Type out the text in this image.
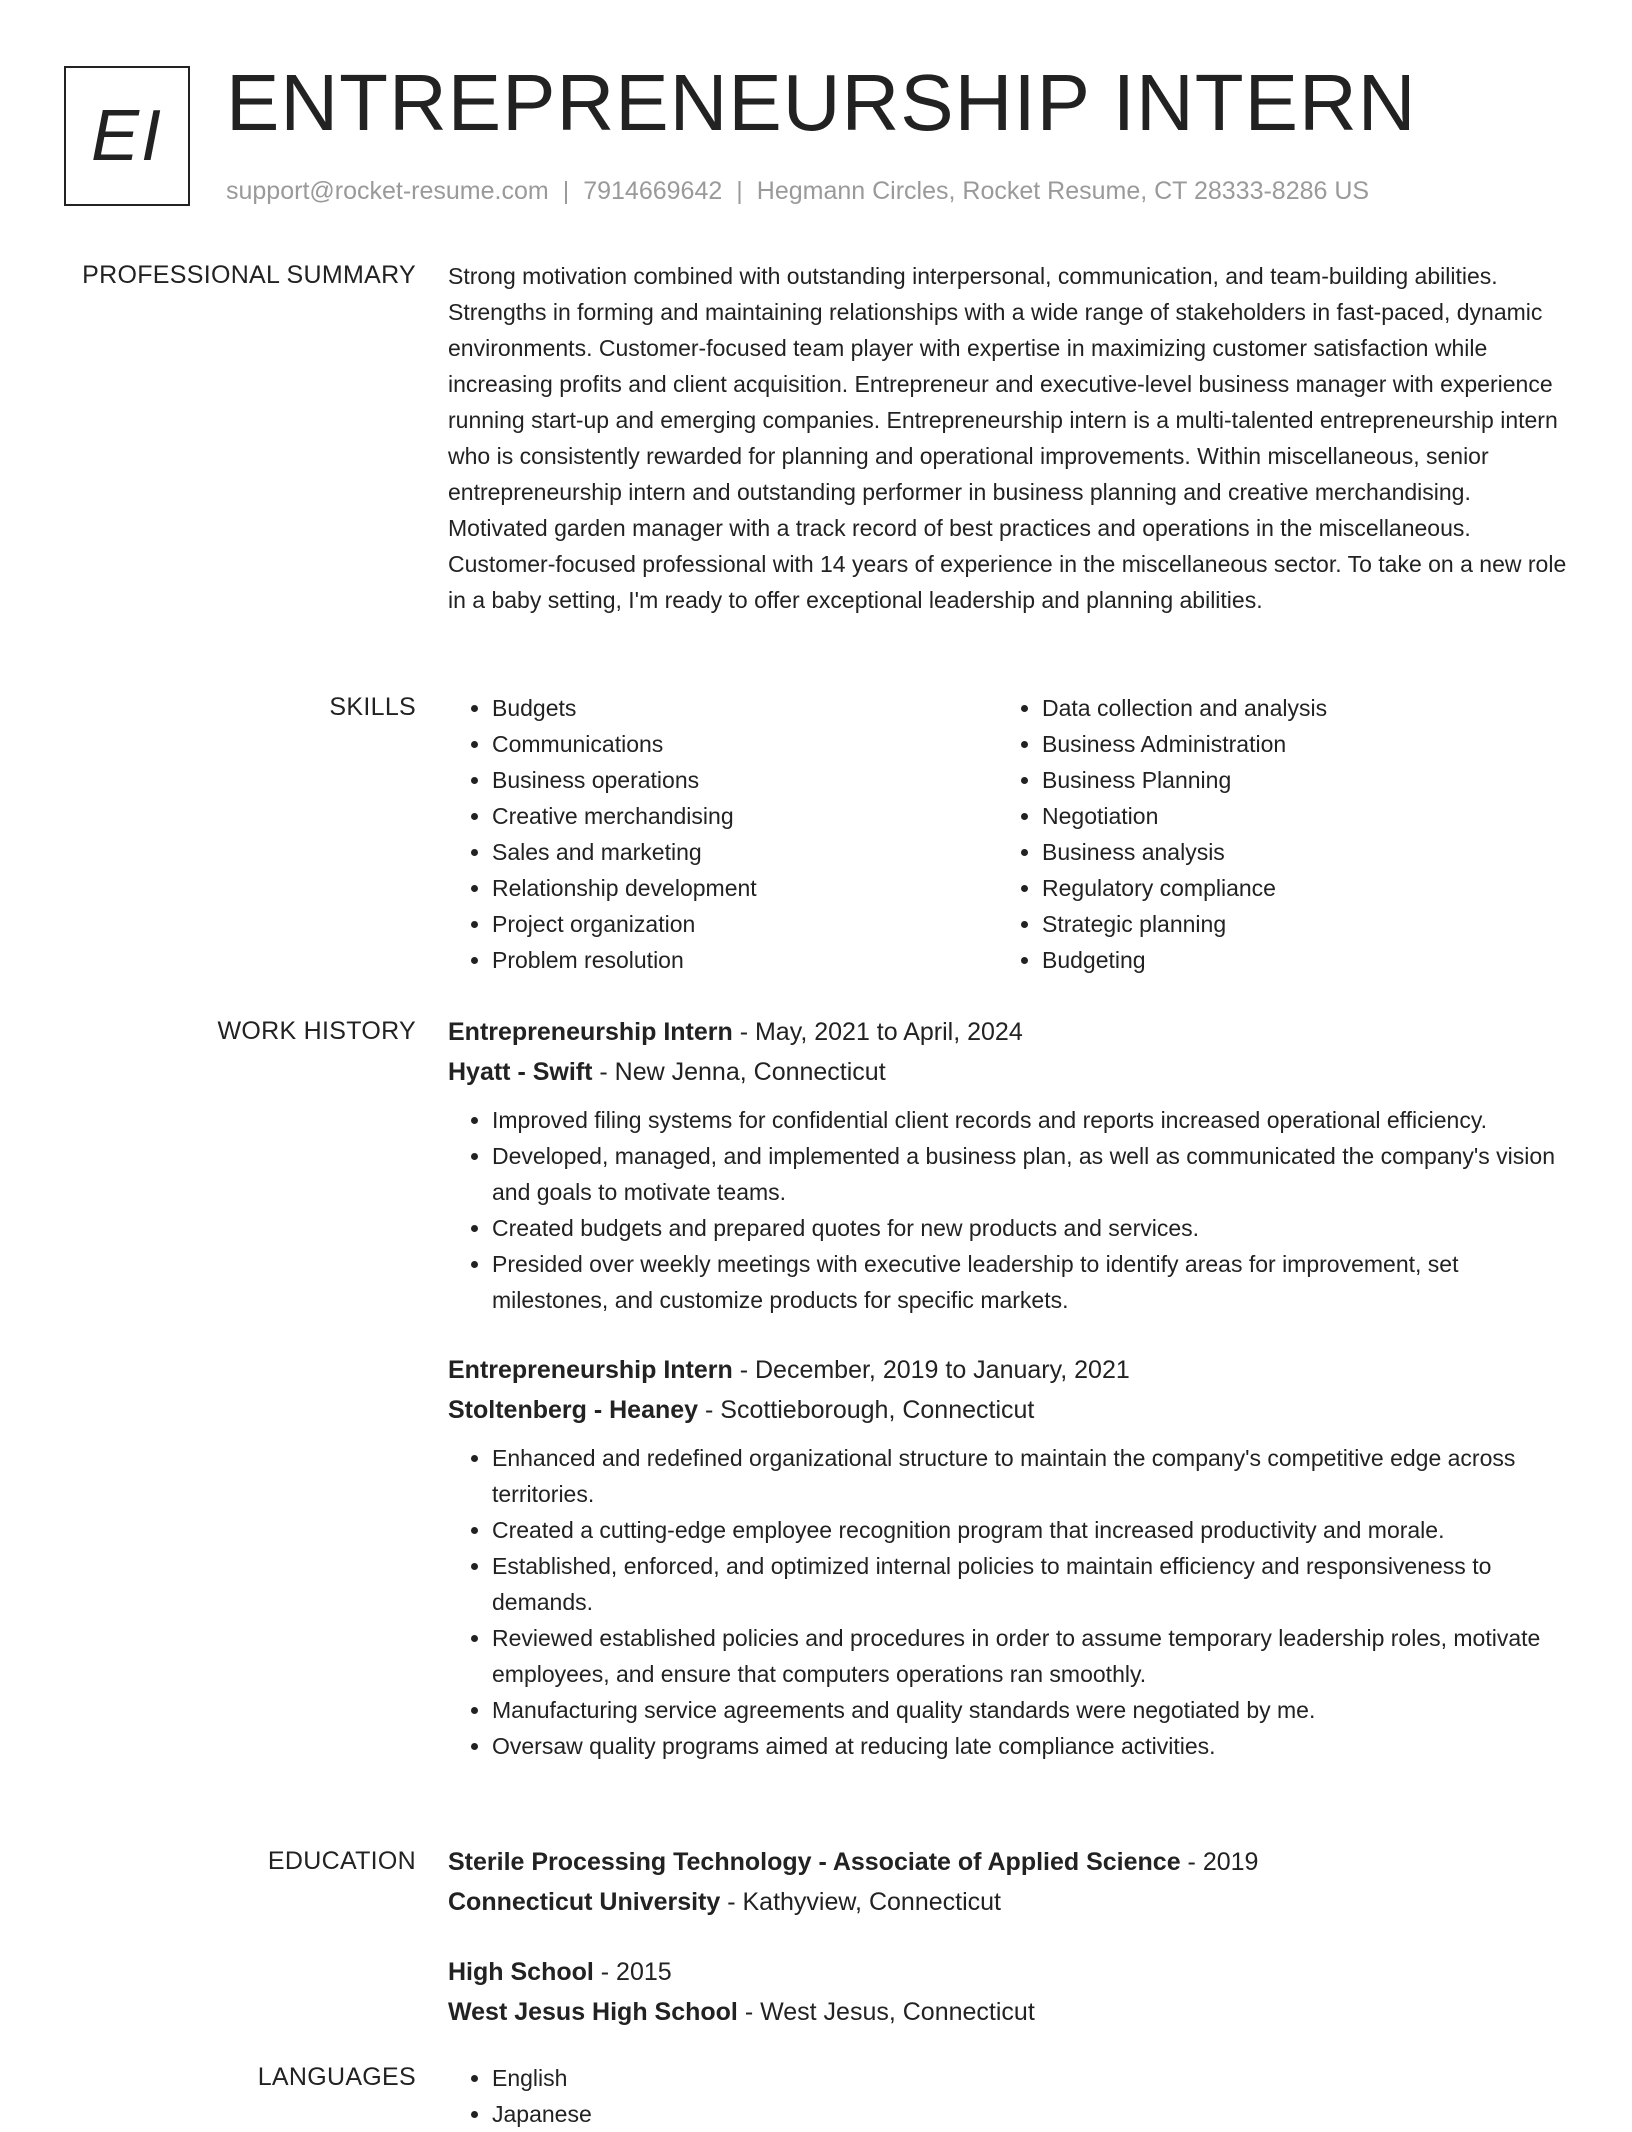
EI ENTREPRENEURSHIP INTERN
support@rocket-resume.com | 7914669642 | Hegmann Circles, Rocket Resume, CT 28333-8286 US
PROFESSIONAL SUMMARY Strong motivation combined with outstanding interpersonal, communication, and team-building abilities. Strengths in forming and maintaining relationships with a wide range of stakeholders in fast-paced, dynamic environments. Customer-focused team player with expertise in maximizing customer satisfaction while increasing profits and client acquisition. Entrepreneur and executive-level business manager with experience running start-up and emerging companies. Entrepreneurship intern is a multi-talented entrepreneurship intern who is consistently rewarded for planning and operational improvements. Within miscellaneous, senior entrepreneurship intern and outstanding performer in business planning and creative merchandising. Motivated garden manager with a track record of best practices and operations in the miscellaneous. Customer-focused professional with 14 years of experience in the miscellaneous sector. To take on a new role in a baby setting, I'm ready to offer exceptional leadership and planning abilities.

SKILLS	• Budgets
• Communications
• Business operations
• Creative merchandising
• Sales and marketing
• Relationship development
• Project organization
• Problem resolution
• Data collection and analysis
• Business Administration
• Business Planning
• Negotiation
• Business analysis
• Regulatory compliance
• Strategic planning
• Budgeting
WORK HISTORY Entrepreneurship Intern - May, 2021 to April, 2024
Hyatt - Swift - New Jenna, Connecticut
• Improved filing systems for confidential client records and reports increased operational efficiency.
• Developed, managed, and implemented a business plan, as well as communicated the company's vision and goals to motivate teams.
• Created budgets and prepared quotes for new products and services.
• Presided over weekly meetings with executive leadership to identify areas for improvement, set milestones, and customize products for specific markets.
Entrepreneurship Intern - December, 2019 to January, 2021
Stoltenberg - Heaney - Scottieborough, Connecticut
• Enhanced and redefined organizational structure to maintain the company's competitive edge across territories.
• Created a cutting-edge employee recognition program that increased productivity and morale.
• Established, enforced, and optimized internal policies to maintain efficiency and responsiveness to demands.
• Reviewed established policies and procedures in order to assume temporary leadership roles, motivate employees, and ensure that computers operations ran smoothly.
• Manufacturing service agreements and quality standards were negotiated by me.
• Oversaw quality programs aimed at reducing late compliance activities.
EDUCATION Sterile Processing Technology - Associate of Applied Science - 2019
Connecticut University - Kathyview, Connecticut
High School - 2015
West Jesus High School - West Jesus, Connecticut
LANGUAGES	• English
• Japanese
